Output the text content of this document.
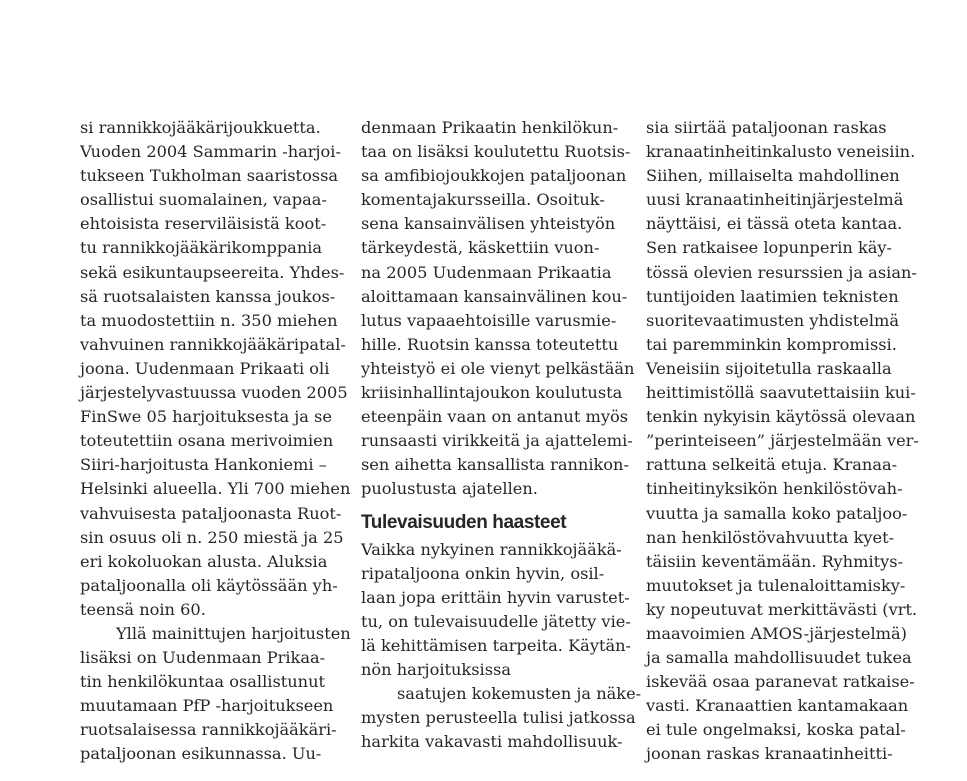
si rannikkojääkärijoukkuetta.
Vuoden 2004 Sammarin -harjoi-
tukseen Tukholman saaristossa
osallistui suomalainen, vapaa-
ehtoisista reserviläisistä koot-
tu rannikkojääkärikomppania
sekä esikuntaupseereita. Yhdes-
sä ruotsalaisten kanssa joukos-
ta muodostettiin n. 350 miehen
vahvuinen rannikkojääkäripatal-
joona. Uudenmaan Prikaati oli
järjestelyvastuussa vuoden 2005
FinSwe 05 harjoituksesta ja se
toteutettiin osana merivoimien
Siiri-harjoitusta Hankoniemi –
Helsinki alueella. Yli 700 miehen
vahvuisesta pataljoonasta Ruot-
sin osuus oli n. 250 miestä ja 25
eri kokoluokan alusta. Aluksia
pataljoonalla oli käytössään yh-
teensä noin 60.
Yllä mainittujen harjoitusten
lisäksi on Uudenmaan Prikaa-
tin henkilökuntaa osallistunut
muutamaan PfP -harjoitukseen
ruotsalaisessa rannikkojääkäri-
pataljoonan esikunnassa. Uu-
denmaan Prikaatin henkilökun-
taa on lisäksi koulutettu Ruotsis-
sa amfibiojoukkojen pataljoonan
komentajakursseilla. Osoituk-
sena kansainvälisen yhteistyön
tärkeydestä, käskettiin vuon-
na 2005 Uudenmaan Prikaatia
aloittamaan kansainvälinen kou-
lutus vapaaehtoisille varusmie-
hille. Ruotsin kanssa toteutettu
yhteistyö ei ole vienyt pelkästään
kriisinhallintajoukon koulutusta
eteenpäin vaan on antanut myös
runsaasti virikkeitä ja ajattelemi-
sen aihetta kansallista rannikon-
puolustusta ajatellen.
Tulevaisuuden haasteet
Vaikka nykyinen rannikkojääkä-
ripataljoona onkin hyvin, osil-
laan jopa erittäin hyvin varustet-
tu, on tulevaisuudelle jätetty vie-
lä kehittämisen tarpeita. Käytän-
nön harjoituksissa
saatujen kokemusten ja näke-
mysten perusteella tulisi jatkossa
harkita vakavasti mahdollisuuk-
sia siirtää pataljoonan raskas
kranaatinheitinkalusto veneisiin.
Siihen, millaiselta mahdollinen
uusi kranaatinheitinjärjestelmä
näyttäisi, ei tässä oteta kantaa.
Sen ratkaisee lopunperin käy-
tössä olevien resurssien ja asian-
tuntijoiden laatimien teknisten
suoritevaatimusten yhdistelmä
tai paremminkin kompromissi.
Veneisiin sijoitetulla raskaalla
heittimistöllä saavutettaisiin kui-
tenkin nykyisin käytössä olevaan
”perinteiseen” järjestelmään ver-
rattuna selkeitä etuja. Kranaa-
tinheitinyksikön henkilöstövah-
vuutta ja samalla koko pataljoo-
nan henkilöstövahvuutta kyet-
täisiin keventämään. Ryhmitys-
muutokset ja tulenaloittamisky-
ky nopeutuvat merkittävästi (vrt.
maavoimien AMOS-järjestelmä)
ja samalla mahdollisuudet tukea
iskevää osaa paranevat ratkaise-
vasti. Kranaattien kantamakaan
ei tule ongelmaksi, koska patal-
joonan raskas kranaatinheitti-
